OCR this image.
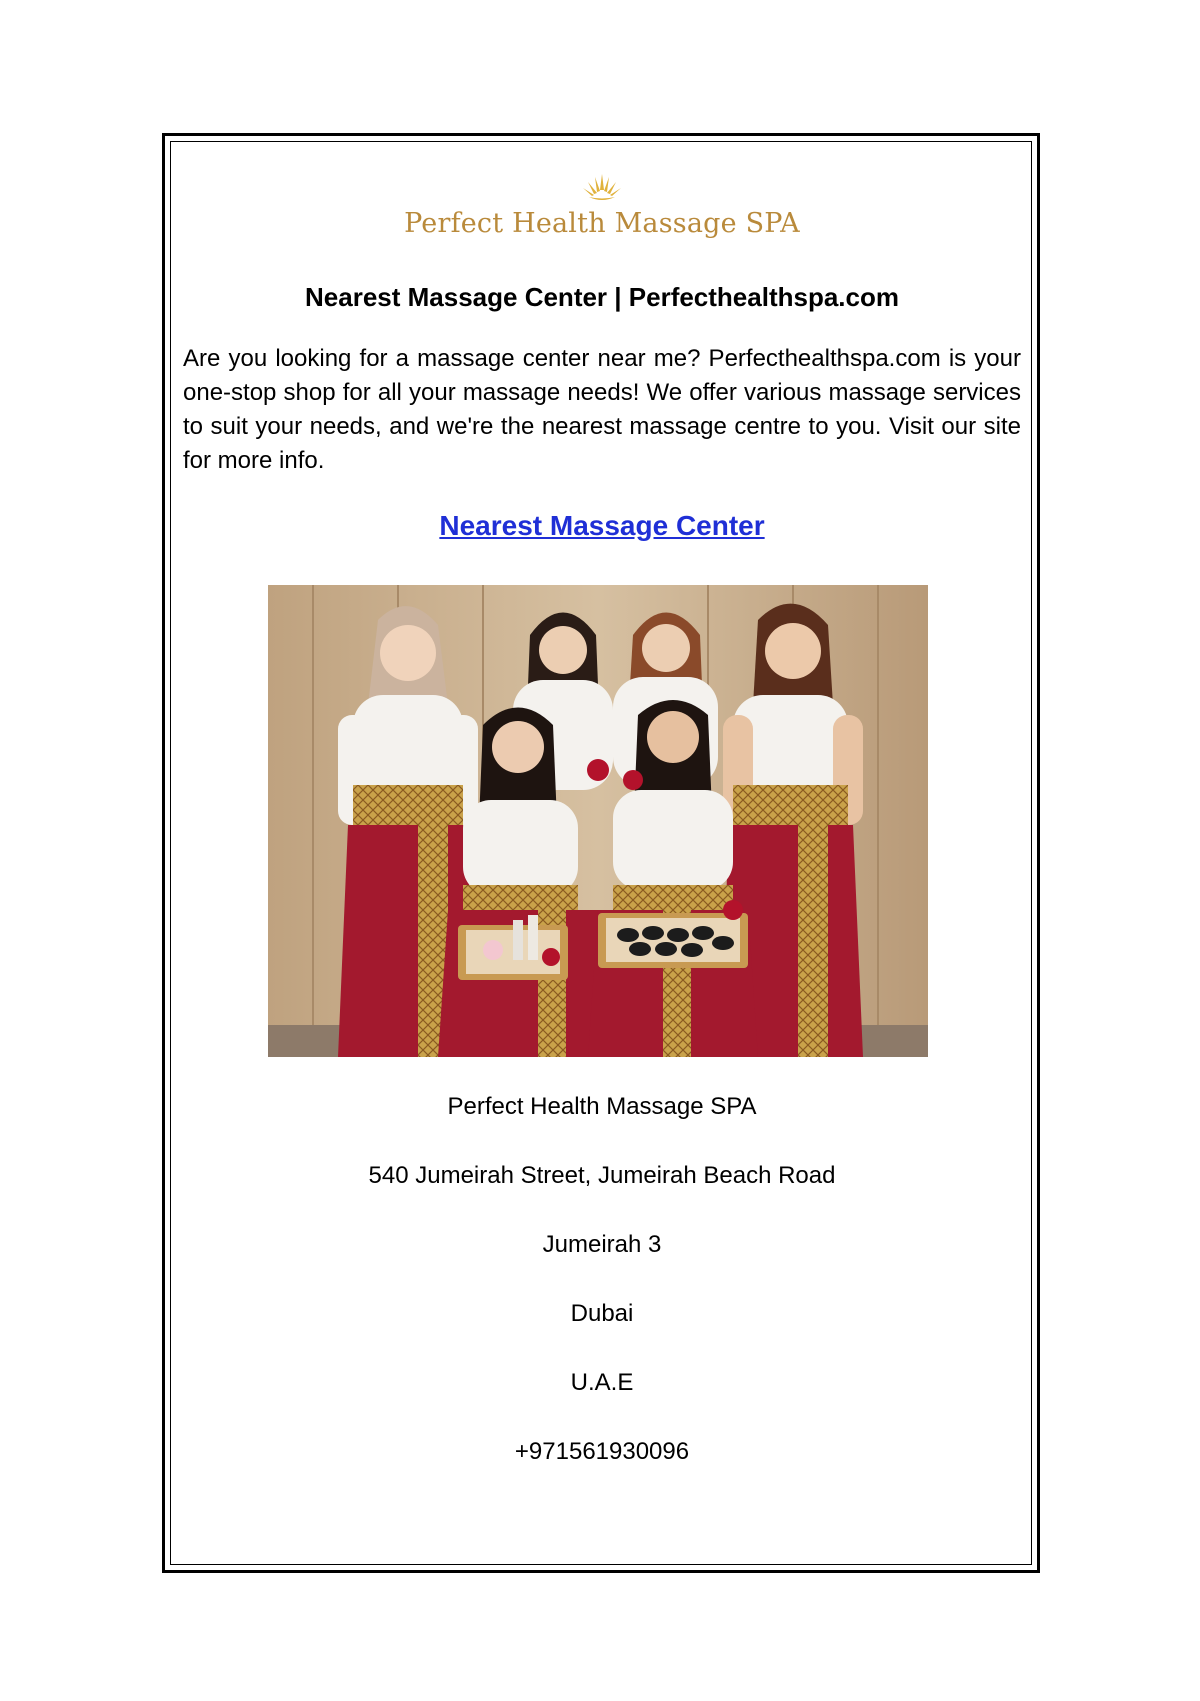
Perfect Health Massage SPA
Nearest Massage Center | Perfecthealthspa.com

Are you looking for a massage center near me? Perfecthealthspa.com is your one-stop shop for all your massage needs! We offer various massage services to suit your needs, and we're the nearest massage centre to you. Visit our site for more info.

Nearest Massage Center
Perfect Health Massage SPA
540 Jumeirah Street, Jumeirah Beach Road
Jumeirah 3
Dubai
U.A.E
+971561930096
